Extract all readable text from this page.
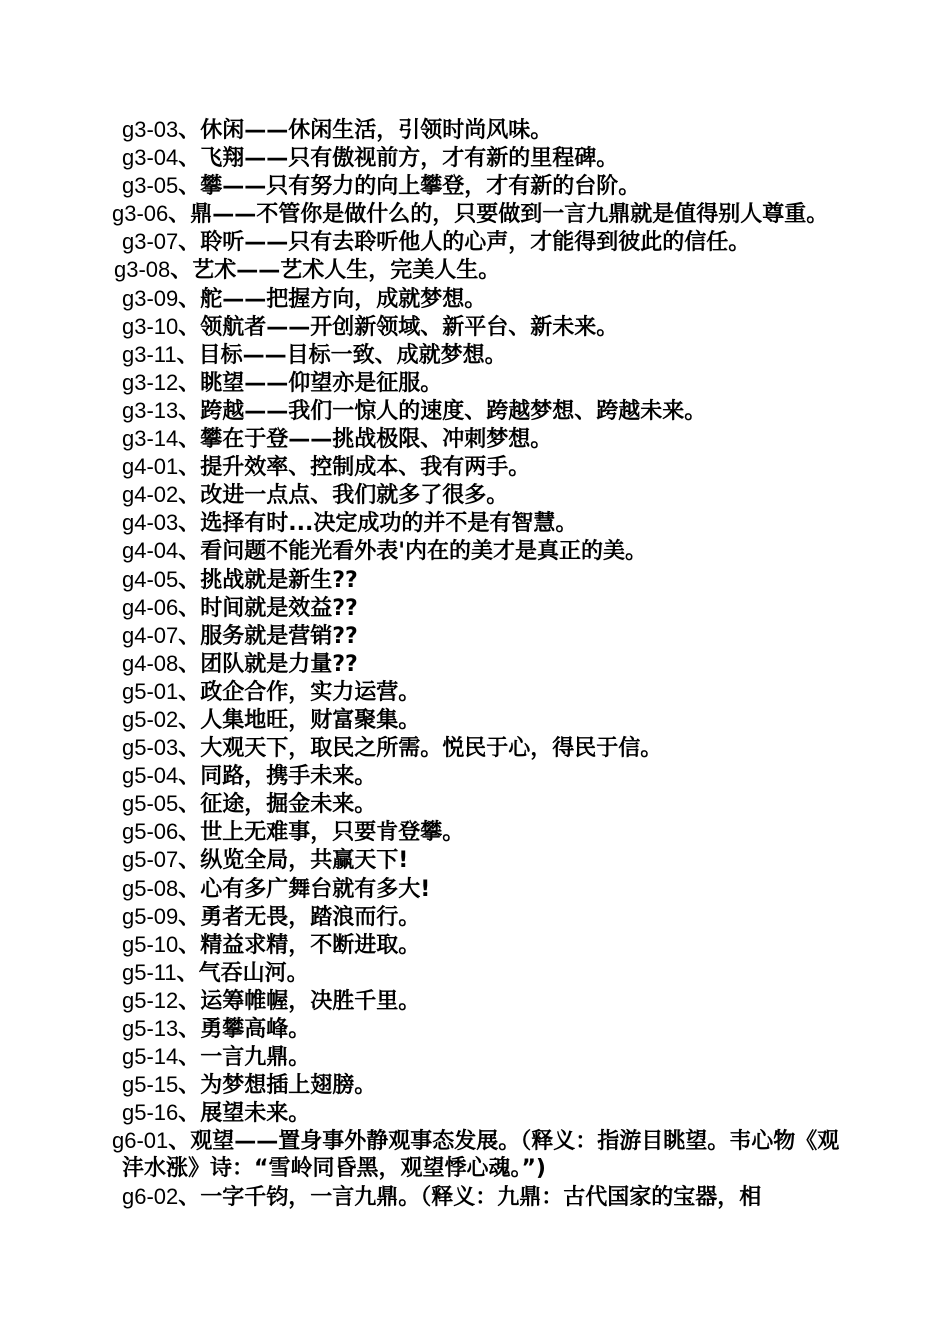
g3-03、休闲——休闲生活，引领时尚风味。
g3-04、飞翔——只有傲视前方，才有新的里程碑。
g3-05、攀——只有努力的向上攀登，才有新的台阶。
g3-06、鼎——不管你是做什么的，只要做到一言九鼎就是值得别人尊重。
g3-07、聆听——只有去聆听他人的心声，才能得到彼此的信任。
g3-08、艺术——艺术人生，完美人生。
g3-09、舵——把握方向，成就梦想。
g3-10、领航者——开创新领域、新平台、新未来。
g3-11、目标——目标一致、成就梦想。
g3-12、眺望——仰望亦是征服。
g3-13、跨越——我们一惊人的速度、跨越梦想、跨越未来。
g3-14、攀在于登——挑战极限、冲刺梦想。
g4-01、提升效率、控制成本、我有两手。
g4-02、改进一点点、我们就多了很多。
g4-03、选择有时...决定成功的并不是有智慧。
g4-04、看问题不能光看外表'内在的美才是真正的美。
g4-05、挑战就是新生??
g4-06、时间就是效益??
g4-07、服务就是营销??
g4-08、团队就是力量??
g5-01、政企合作，实力运营。
g5-02、人集地旺，财富聚集。
g5-03、大观天下，取民之所需。悦民于心，得民于信。
g5-04、同路，携手未来。
g5-05、征途，掘金未来。
g5-06、世上无难事，只要肯登攀。
g5-07、纵览全局，共赢天下!
g5-08、心有多广舞台就有多大!
g5-09、勇者无畏，踏浪而行。
g5-10、精益求精，不断进取。
g5-11、气吞山河。
g5-12、运筹帷幄，决胜千里。
g5-13、勇攀高峰。
g5-14、一言九鼎。
g5-15、为梦想插上翅膀。
g5-16、展望未来。
g6-01、观望——置身事外静观事态发展。（释义：指游目眺望。韦心物《观沣水涨》诗：“雪岭同昏黑，观望悸心魂。”)
g6-02、一字千钧，一言九鼎。（释义：九鼎：古代国家的宝器，相
